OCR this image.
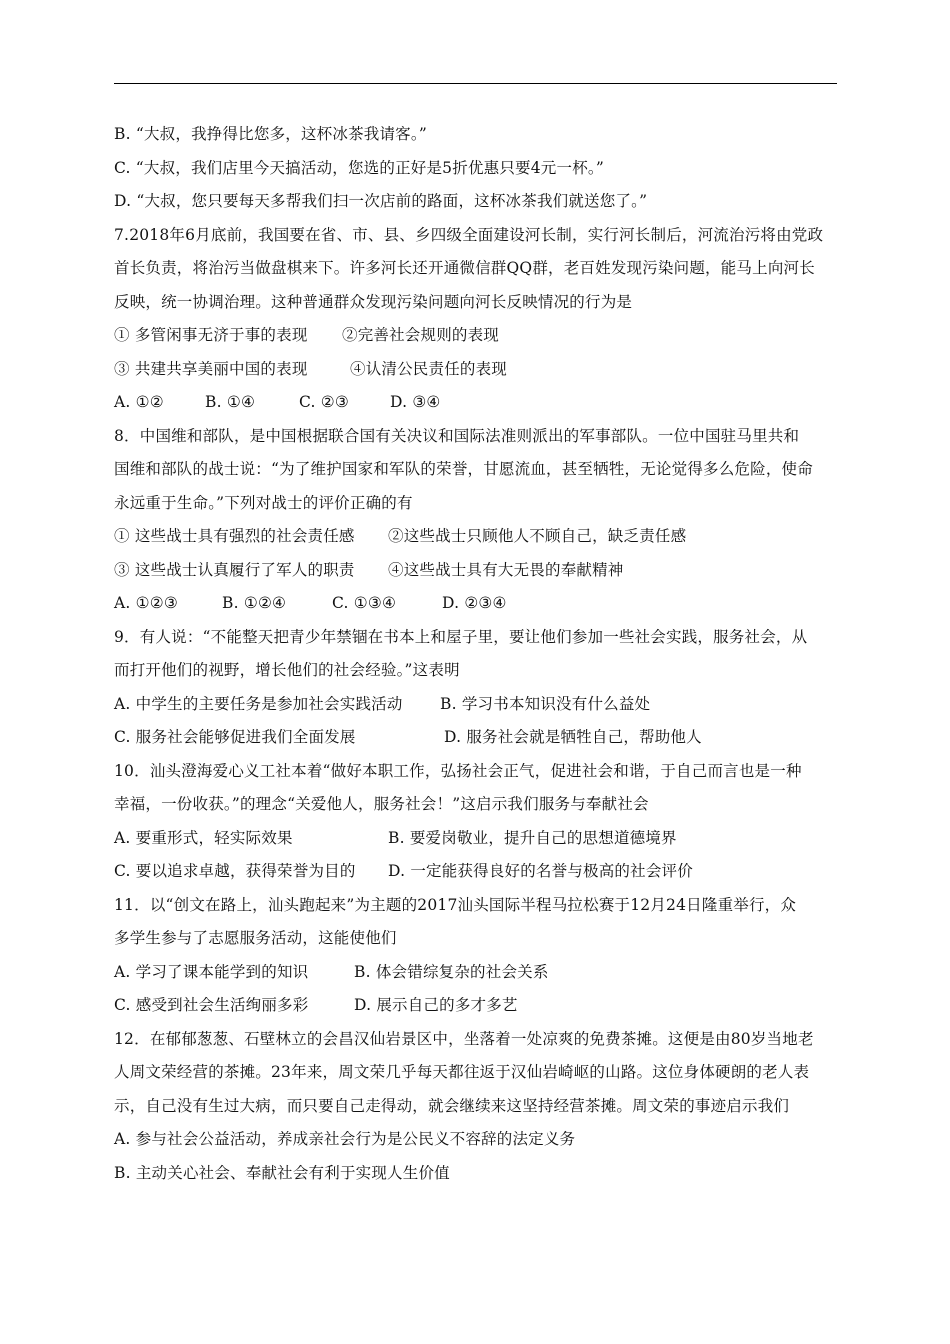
B. “大叔，我挣得比您多，这杯冰茶我请客。”
C. “大叔，我们店里今天搞活动，您选的正好是5折优惠只要4元一杯。”
D. “大叔，您只要每天多帮我们扫一次店前的路面，这杯冰茶我们就送您了。”
7.2018年6月底前，我国要在省、市、县、乡四级全面建设河长制，实行河长制后，河流治污将由党政
首长负责，将治污当做盘棋来下。许多河长还开通微信群QQ群，老百姓发现污染问题，能马上向河长
反映，统一协调治理。这种普通群众发现污染问题向河长反映情况的行为是
① 多管闲事无济于事的表现	②完善社会规则的表现
③ 共建共享美丽中国的表现	④认清公民责任的表现
A. ①②	B. ①④	C. ②③	D. ③④
8．中国维和部队，是中国根据联合国有关决议和国际法准则派出的军事部队。一位中国驻马里共和
国维和部队的战士说：“为了维护国家和军队的荣誉，甘愿流血，甚至牺牲，无论觉得多么危险，使命
永远重于生命。”下列对战士的评价正确的有
① 这些战士具有强烈的社会责任感	②这些战士只顾他人不顾自己，缺乏责任感
③ 这些战士认真履行了军人的职责	④这些战士具有大无畏的奉献精神
A. ①②③	B. ①②④	C. ①③④	D. ②③④
9．有人说：“不能整天把青少年禁锢在书本上和屋子里，要让他们参加一些社会实践，服务社会，从
而打开他们的视野，增长他们的社会经验。”这表明
A. 中学生的主要任务是参加社会实践活动	B. 学习书本知识没有什么益处
C. 服务社会能够促进我们全面发展	D. 服务社会就是牺牲自己，帮助他人
10．汕头澄海爱心义工社本着“做好本职工作，弘扬社会正气，促进社会和谐，于自己而言也是一种
幸福，一份收获。”的理念“关爱他人，服务社会！”这启示我们服务与奉献社会
A. 要重形式，轻实际效果	B. 要爱岗敬业，提升自己的思想道德境界
C. 要以追求卓越，获得荣誉为目的	D. 一定能获得良好的名誉与极高的社会评价
11．以“创文在路上，汕头跑起来”为主题的2017汕头国际半程马拉松赛于12月24日隆重举行，众
多学生参与了志愿服务活动，这能使他们
A. 学习了课本能学到的知识	B. 体会错综复杂的社会关系
C. 感受到社会生活绚丽多彩	D. 展示自己的多才多艺
12．在郁郁葱葱、石壁林立的会昌汉仙岩景区中，坐落着一处凉爽的免费茶摊。这便是由80岁当地老
人周文荣经营的茶摊。23年来，周文荣几乎每天都往返于汉仙岩崎岖的山路。这位身体硬朗的老人表
示，自己没有生过大病，而只要自己走得动，就会继续来这坚持经营茶摊。周文荣的事迹启示我们
A. 参与社会公益活动，养成亲社会行为是公民义不容辞的法定义务
B. 主动关心社会、奉献社会有利于实现人生价值
